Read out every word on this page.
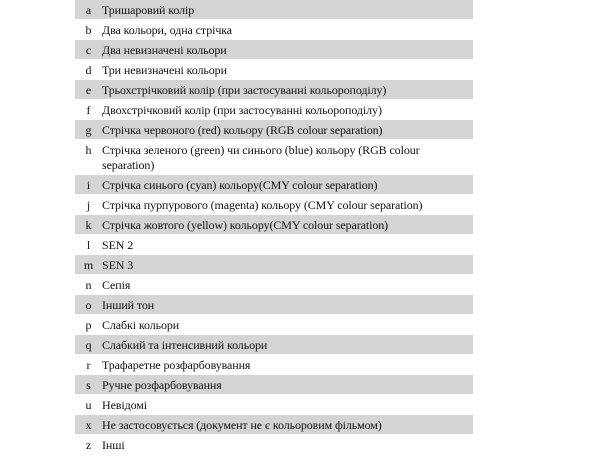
a Тришаровий колір
b Два кольори, одна стрічка
c Два невизначені кольори
d Три невизначені кольори
e Трьохстрічковий колір (при застосуванні кольороподілу)
f Двохстрічковий колір (при застосуванні кольороподілу)
g Стрічка червоного (red) кольору (RGB colour separation)
h Стрічка зеленого (green) чи синього (blue) кольору (RGB colour separation)
i Стрічка синього (cyan) кольору(CMY colour separation)
j Стрічка пурпурового (magenta) кольору (CMY colour separation)
k Стрічка жовтого (yellow) кольору(CMY colour separation)
l SEN 2
m SEN 3
n Сепія
o Інший тон
p Слабкі кольори
q Слабкий та інтенсивний кольори
r Трафаретне розфарбовування
s Ручне розфарбовування
u Невідомі
x Не застосовується (документ не є кольоровим фільмом)
z Інші
